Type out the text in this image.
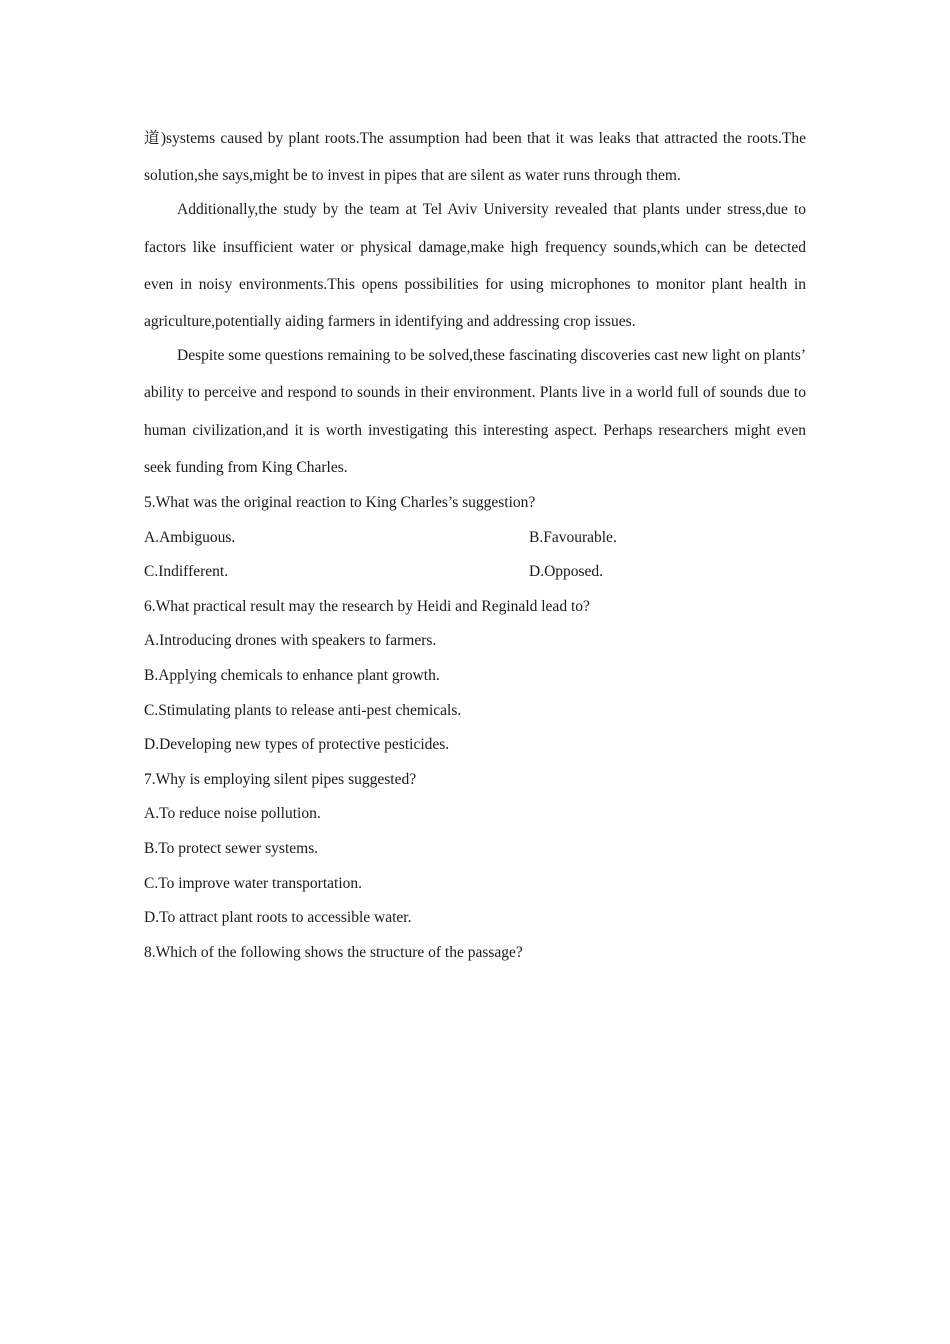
道)systems caused by plant roots.The assumption had been that it was leaks that attracted the roots.The solution,she says,might be to invest in pipes that are silent as water runs through them.

Additionally,the study by the team at Tel Aviv University revealed that plants under stress,due to factors like insufficient water or physical damage,make high frequency sounds,which can be detected even in noisy environments.This opens possibilities for using microphones to monitor plant health in agriculture,potentially aiding farmers in identifying and addressing crop issues.

Despite some questions remaining to be solved,these fascinating discoveries cast new light on plants’ ability to perceive and respond to sounds in their environment. Plants live in a world full of sounds due to human civilization,and it is worth investigating this interesting aspect. Perhaps researchers might even seek funding from King Charles.

5.What was the original reaction to King Charles’s suggestion?
A.Ambiguous.	B.Favourable.
C.Indifferent.	D.Opposed.
6.What practical result may the research by Heidi and Reginald lead to?
A.Introducing drones with speakers to farmers.
B.Applying chemicals to enhance plant growth.
C.Stimulating plants to release anti-pest chemicals.
D.Developing new types of protective pesticides.
7.Why is employing silent pipes suggested?
A.To reduce noise pollution.
B.To protect sewer systems.
C.To improve water transportation.
D.To attract plant roots to accessible water.
8.Which of the following shows the structure of the passage?
